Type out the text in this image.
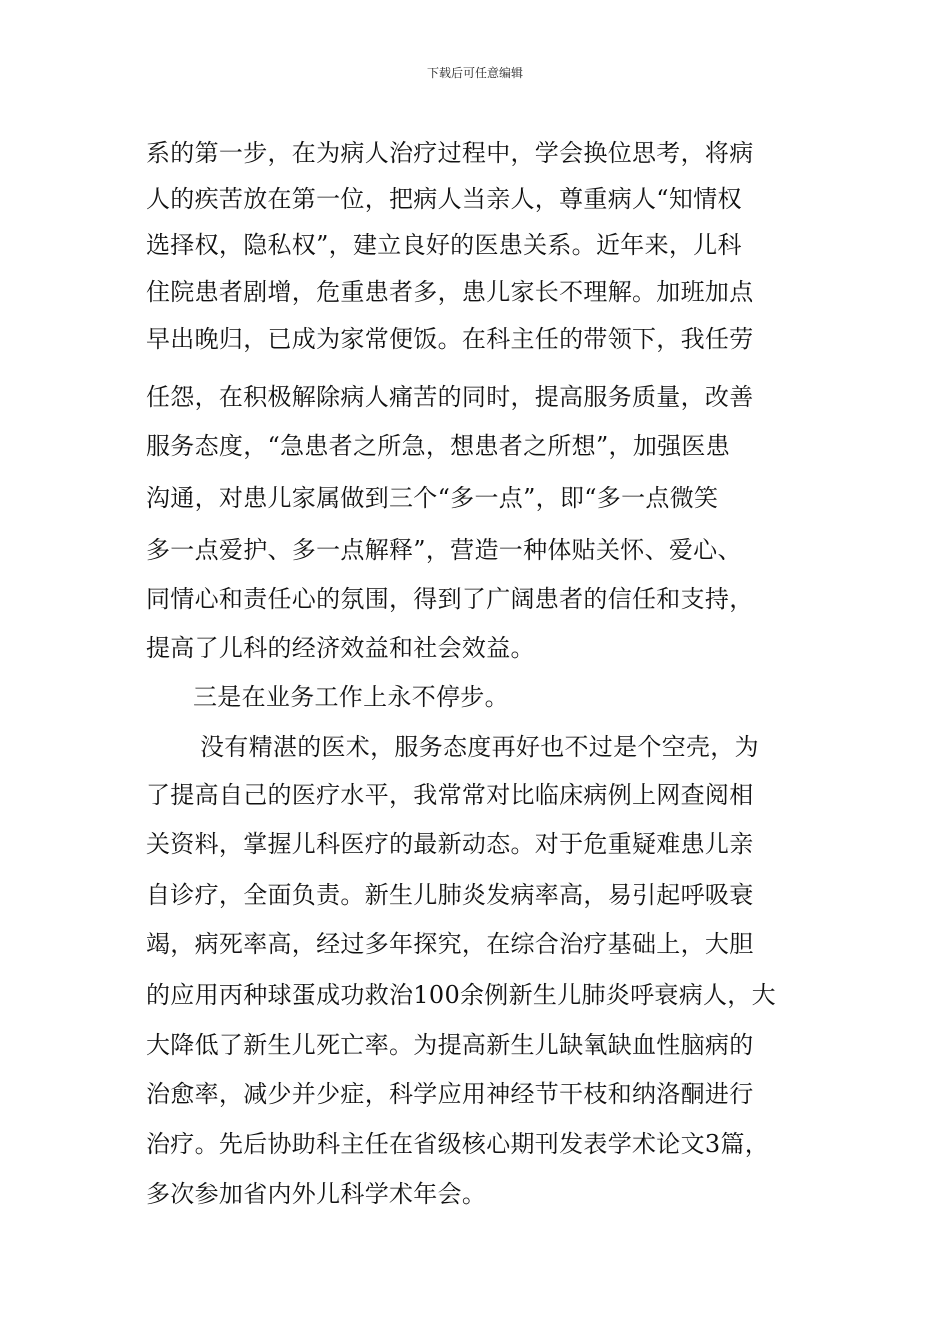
下载后可任意编辑
系的第一步，在为病人治疗过程中，学会换位思考，将病
人的疾苦放在第一位，把病人当亲人，尊重病人“知情权
选择权，隐私权”，建立良好的医患关系。近年来，儿科
住院患者剧增，危重患者多，患儿家长不理解。加班加点
早出晚归，已成为家常便饭。在科主任的带领下，我任劳
任怨，在积极解除病人痛苦的同时，提高服务质量，改善
服务态度，“急患者之所急，想患者之所想”，加强医患
沟通，对患儿家属做到三个“多一点”，即“多一点微笑
多一点爱护、多一点解释”，营造一种体贴关怀、爱心、
同情心和责任心的氛围，得到了广阔患者的信任和支持，
提高了儿科的经济效益和社会效益。
三是在业务工作上永不停步。
没有精湛的医术，服务态度再好也不过是个空壳，为
了提高自己的医疗水平，我常常对比临床病例上网查阅相
关资料，掌握儿科医疗的最新动态。对于危重疑难患儿亲
自诊疗，全面负责。新生儿肺炎发病率高，易引起呼吸衰
竭，病死率高，经过多年探究，在综合治疗基础上，大胆
的应用丙种球蛋成功救治100余例新生儿肺炎呼衰病人，大
大降低了新生儿死亡率。为提高新生儿缺氧缺血性脑病的
治愈率，减少并少症，科学应用神经节干枝和纳洛酮进行
治疗。先后协助科主任在省级核心期刊发表学术论文3篇，
多次参加省内外儿科学术年会。
